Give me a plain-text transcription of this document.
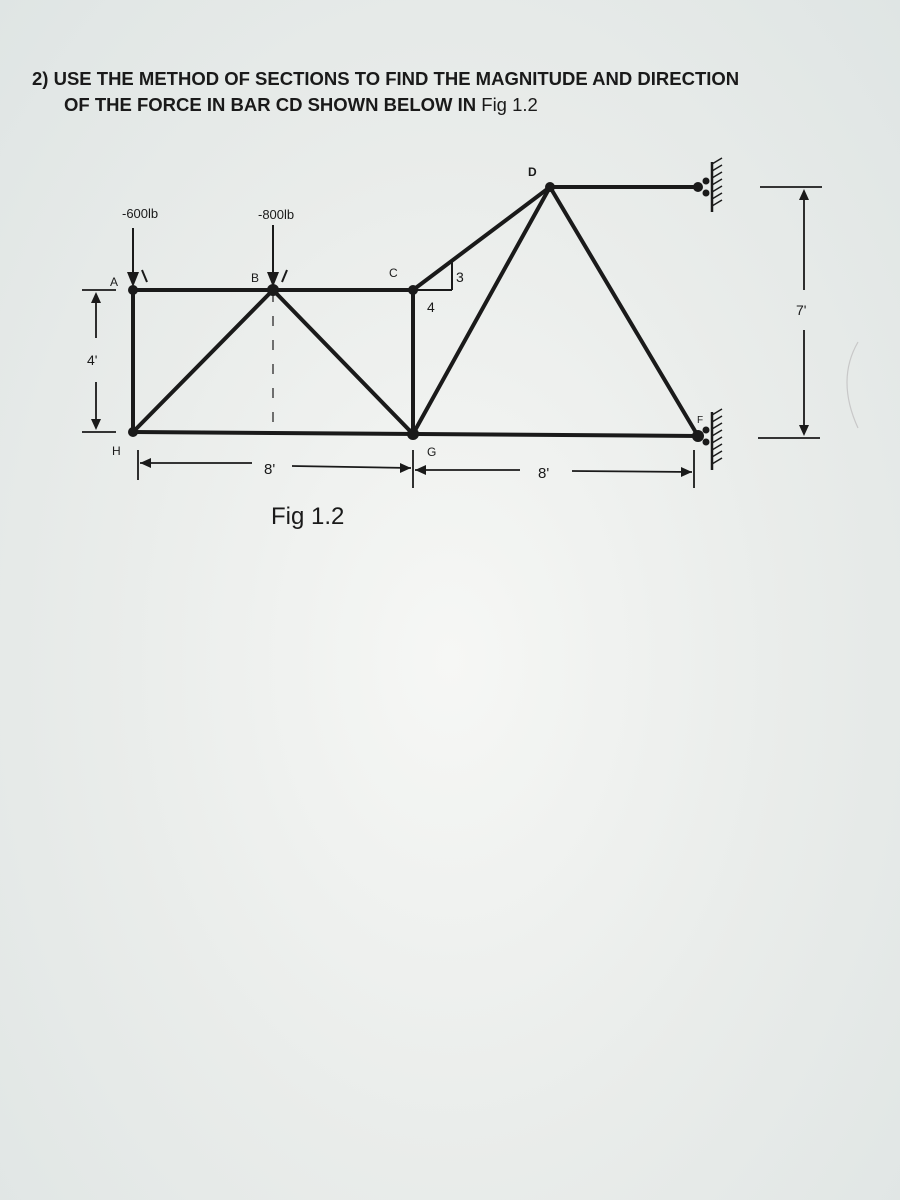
2) USE THE METHOD OF SECTIONS TO FIND THE MAGNITUDE AND DIRECTION
OF THE FORCE IN BAR CD SHOWN BELOW IN Fig 1.2
-600lb	-800lb
A	B	C
D
F
G
H
3
4
4'
7'
8'	8'
Fig 1.2
